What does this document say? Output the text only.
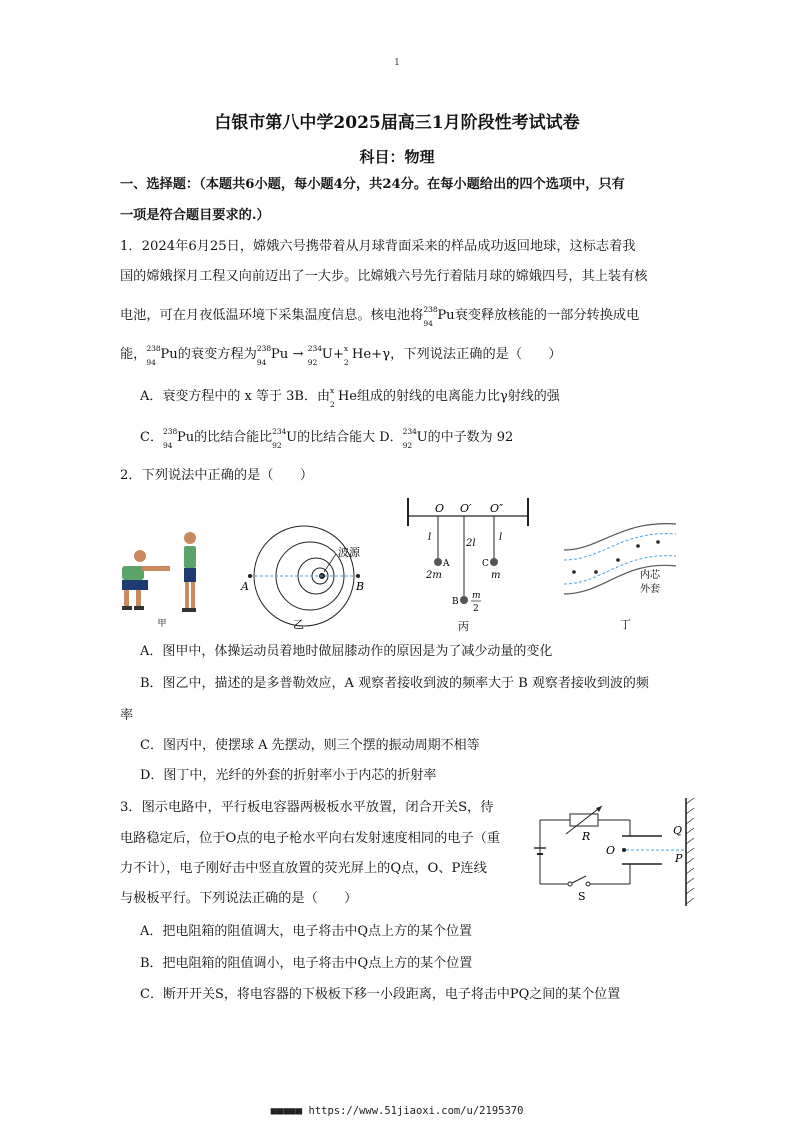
1
白银市第八中学2025届高三1月阶段性考试试卷
科目：物理
一、选择题：（本题共6小题，每小题4分，共24分。在每小题给出的四个选项中，只有
一项是符合题目要求的.）
1．2024年6月25日，嫦娥六号携带着从月球背面采来的样品成功返回地球，这标志着我
国的嫦娥探月工程又向前迈出了一大步。比嫦娥六号先行着陆月球的嫦娥四号，其上装有核
电池，可在月夜低温环境下采集温度信息。核电池将 238
94
Pu衰变释放核能的一部分转换成电
能， 238
94
Pu的衰变方程为 238
94
Pu → 234
92
U+ x
2
He+γ，下列说法正确的是（　　）
A．衰变方程中的 x 等于 3B．由 x
2
He组成的射线的电离能力比γ射线的强
C． 238
94
Pu的比结合能比 234
92
U的比结合能大 D． 234
92
U的中子数为 92
2．下列说法中正确的是（　　）
甲
波源
A	B
乙
O O′ O″
l
2l
l
A
2m
C
m
B
m
2
丙
内芯
外套
丁
A．图甲中，体操运动员着地时做屈膝动作的原因是为了减少动量的变化
B．图乙中，描述的是多普勒效应，A 观察者接收到波的频率大于 B 观察者接收到波的频
率
C．图丙中，使摆球 A 先摆动，则三个摆的振动周期不相等
D．图丁中，光纤的外套的折射率小于内芯的折射率
3．图示电路中，平行板电容器两极板水平放置，闭合开关S，待
电路稳定后，位于O点的电子枪水平向右发射速度相同的电子（重
力不计），电子刚好击中竖直放置的荧光屏上的Q点，O、P连线
与极板平行。下列说法正确的是（　　）
R
O
Q
P
S
A．把电阻箱的阻值调大，电子将击中Q点上方的某个位置
B．把电阻箱的阻值调小，电子将击中Q点上方的某个位置
C．断开开关S，将电容器的下极板下移一小段距离，电子将击中PQ之间的某个位置
■■■■■ https://www.51jiaoxi.com/u/2195370
